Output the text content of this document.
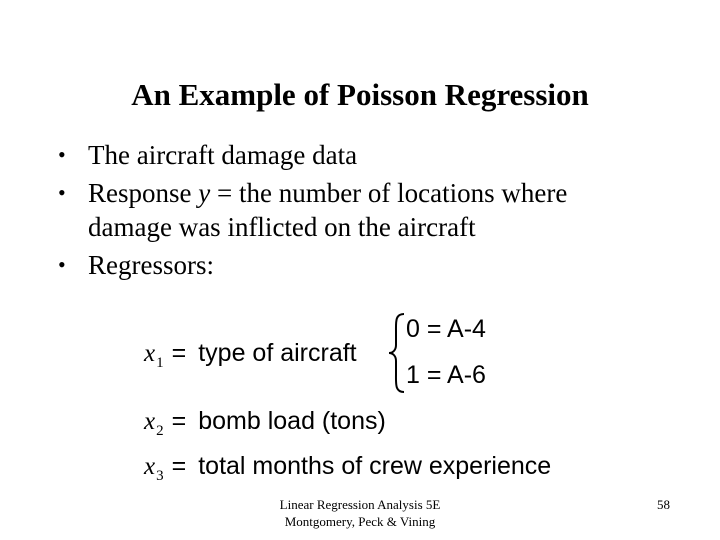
An Example of Poisson Regression
• The aircraft damage data
• Response y = the number of locations where
damage was inflicted on the aircraft
• Regressors:
$x_1$ = type of aircraft
0 = A-4
1 = A-6
$x_2$ = bomb load (tons)
$x_3$ = total months of crew experience
Linear Regression Analysis 5E
Montgomery, Peck & Vining
58
